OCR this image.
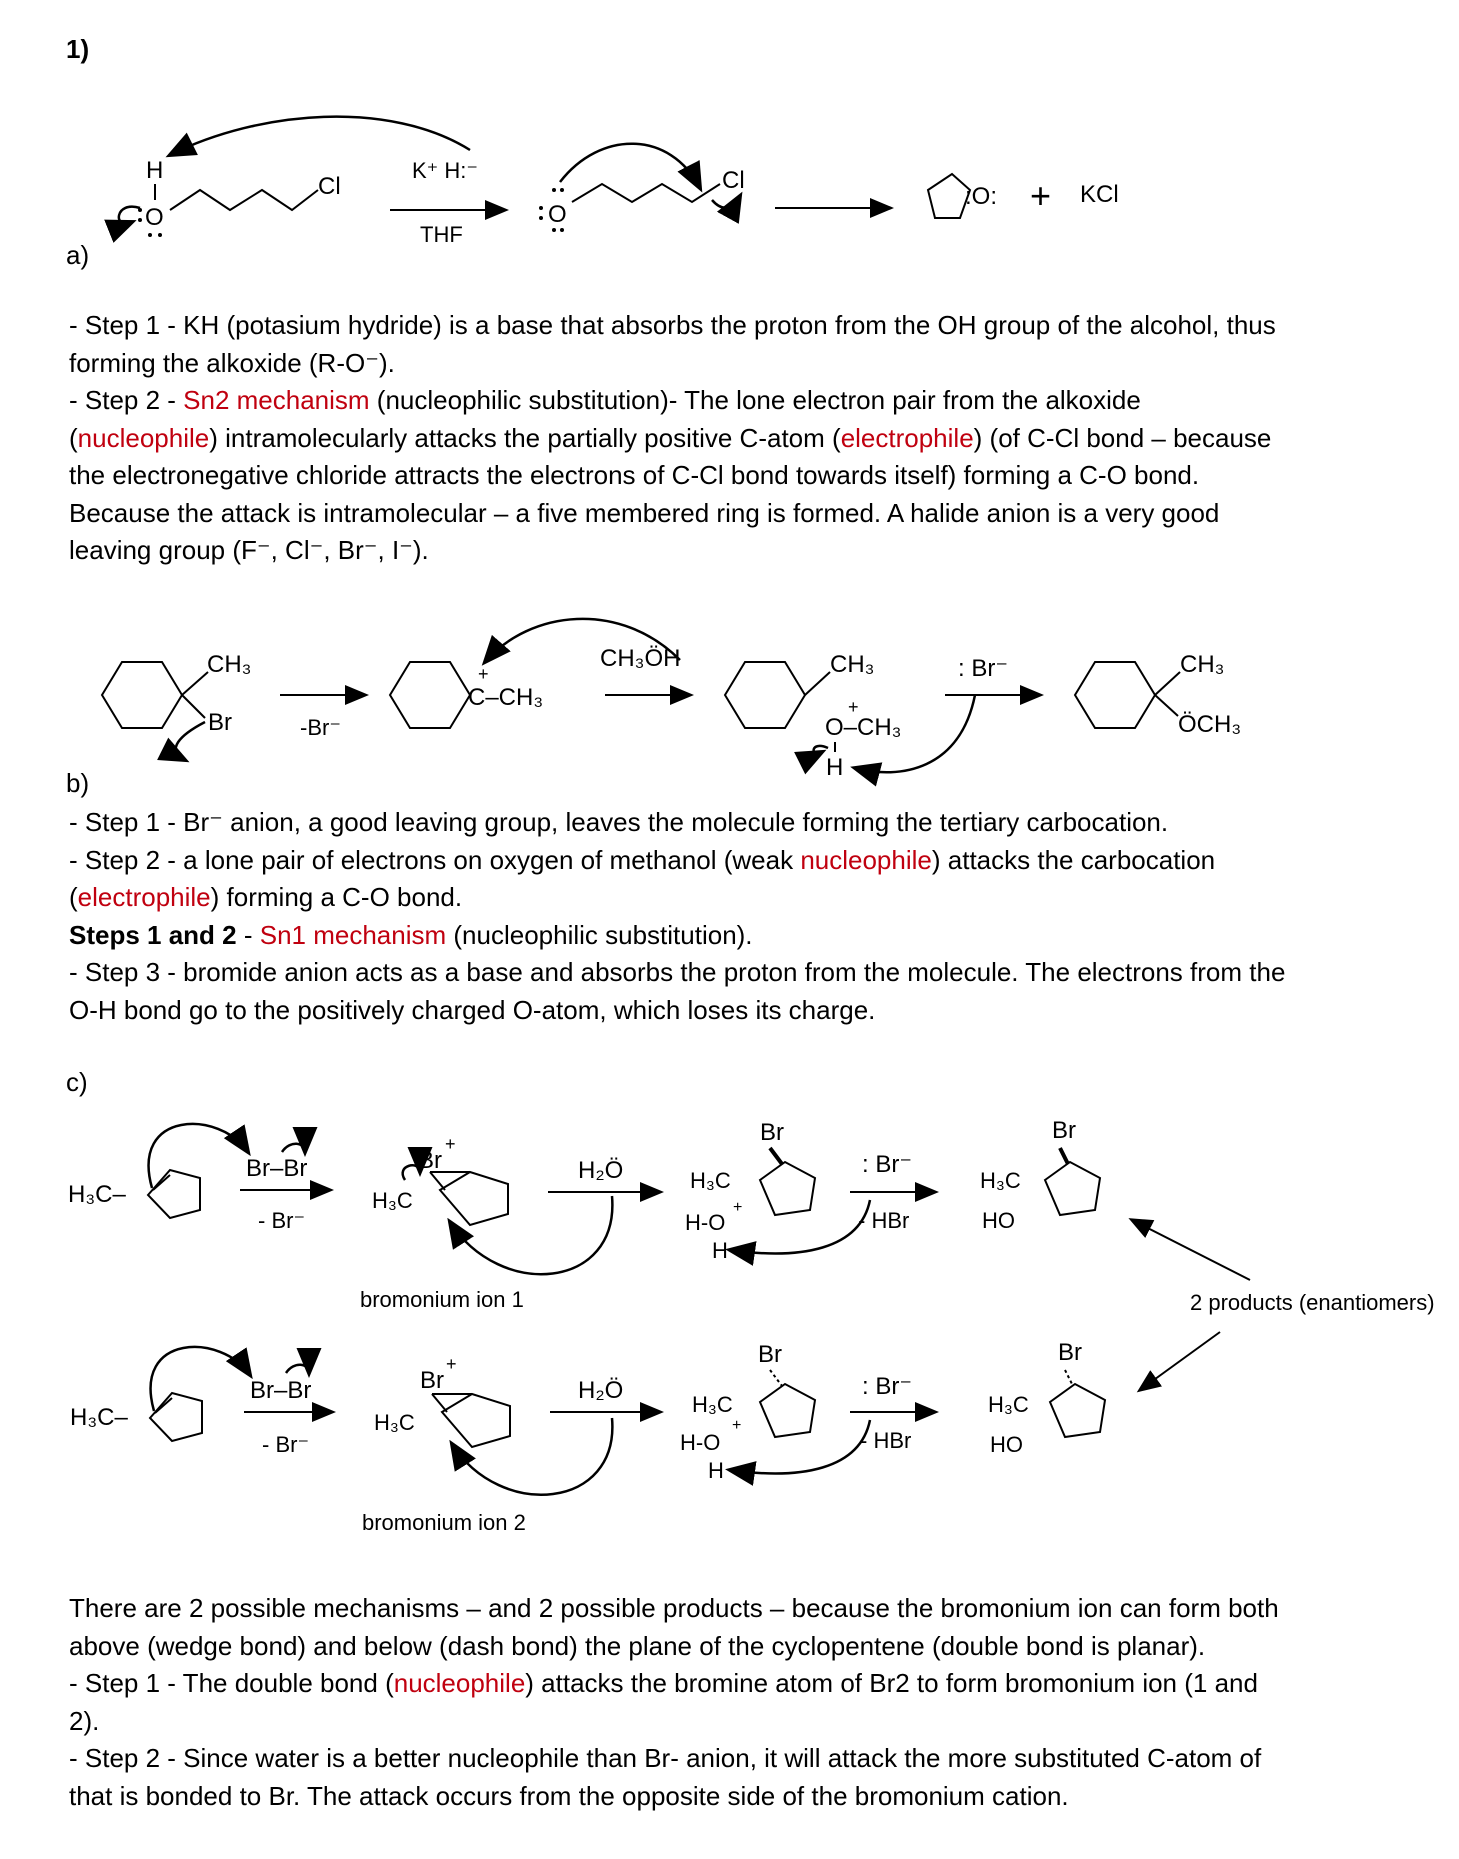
1)
a)
H
O
Cl
K⁺ H:⁻
THF
O
Cl
:O: + KCl
- Step 1 - KH (potasium hydride) is a base that absorbs the proton from the OH group of the alcohol, thus
forming the alkoxide (R-O⁻).
- Step 2 - Sn2 mechanism (nucleophilic substitution)- The lone electron pair from the alkoxide
(nucleophile) intramolecularly attacks the partially positive C-atom (electrophile) (of C-Cl bond – because
the electronegative chloride attracts the electrons of C-Cl bond towards itself) forming a C-O bond.
Because the attack is intramolecular – a five membered ring is formed. A halide anion is a very good
leaving group (F⁻, Cl⁻, Br⁻, I⁻).
CH₃
Br	-Br⁻
+
C–CH₃
CH₃ÖH	CH₃
+
O–CH₃
H
: Br⁻	CH₃
ÖCH₃
b)
- Step 1 - Br⁻ anion, a good leaving group, leaves the molecule forming the tertiary carbocation.
- Step 2 - a lone pair of electrons on oxygen of methanol (weak nucleophile) attacks the carbocation
(electrophile) forming a C-O bond.
Steps 1 and 2 - Sn1 mechanism (nucleophilic substitution).
- Step 3 - bromide anion acts as a base and absorbs the proton from the molecule. The electrons from the
O-H bond go to the positively charged O-atom, which loses its charge.
c)
H₃C–
Br–Br
- Br⁻
Br
+
H₃C
H₂Ö
bromonium ion 1
Br
H₃C
H-O
+
H
: Br⁻
- HBr
Br
H₃C
HO
2 products (enantiomers)
H₃C–
Br–Br
- Br⁻
Br
+
H₃C
H₂Ö
bromonium ion 2
Br
H₃C
H-O
+
H
: Br⁻
- HBr
Br
H₃C
HO
There are 2 possible mechanisms – and 2 possible products – because the bromonium ion can form both
above (wedge bond) and below (dash bond) the plane of the cyclopentene (double bond is planar).
- Step 1 - The double bond (nucleophile) attacks the bromine atom of Br2 to form bromonium ion (1 and
2).
- Step 2 - Since water is a better nucleophile than Br- anion, it will attack the more substituted C-atom of
that is bonded to Br. The attack occurs from the opposite side of the bromonium cation.
